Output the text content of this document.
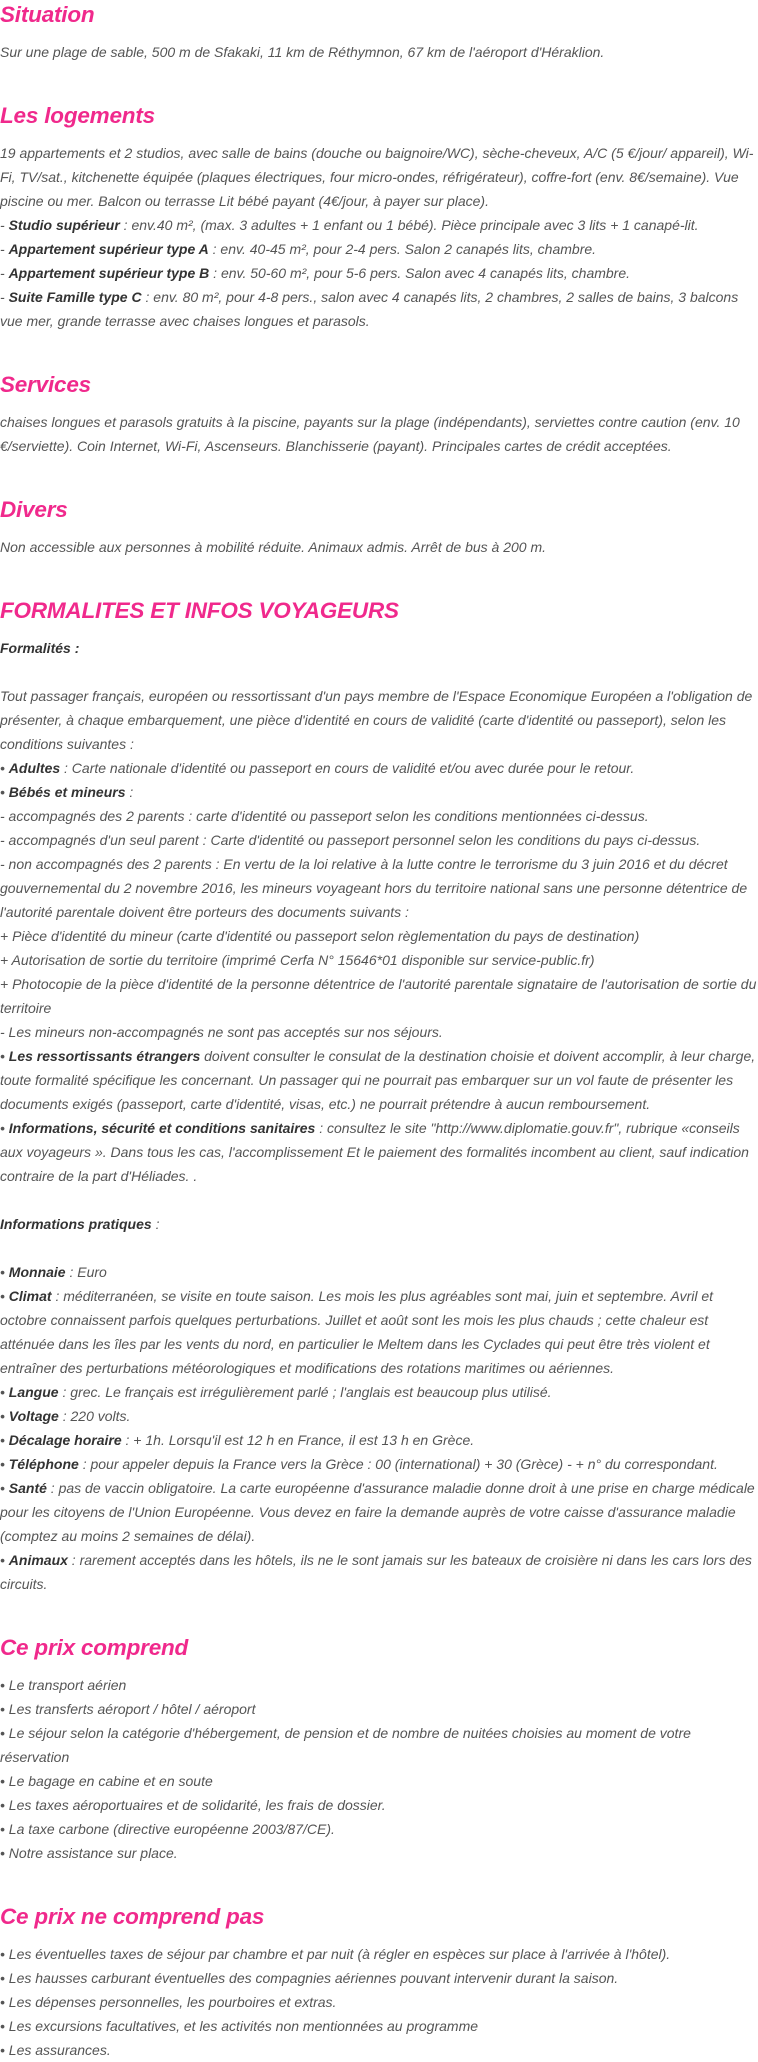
Situation

Sur une plage de sable, 500 m de Sfakaki, 11 km de Réthymnon, 67 km de l'aéroport d'Héraklion.

Les logements

19 appartements et 2 studios, avec salle de bains (douche ou baignoire/WC), sèche-cheveux, A/C (5 €/jour/ appareil), Wi-Fi, TV/sat., kitchenette équipée (plaques électriques, four micro-ondes, réfrigérateur), coffre-fort (env. 8€/semaine). Vue piscine ou mer. Balcon ou terrasse Lit bébé payant (4€/jour, à payer sur place).

- Studio supérieur : env.40 m², (max. 3 adultes + 1 enfant ou 1 bébé). Pièce principale avec 3 lits + 1 canapé-lit.

- Appartement supérieur type A : env. 40-45 m², pour 2-4 pers. Salon 2 canapés lits, chambre.

- Appartement supérieur type B : env. 50-60 m², pour 5-6 pers. Salon avec 4 canapés lits, chambre.

- Suite Famille type C : env. 80 m², pour 4-8 pers., salon avec 4 canapés lits, 2 chambres, 2 salles de bains, 3 balcons vue mer, grande terrasse avec chaises longues et parasols.

Services

chaises longues et parasols gratuits à la piscine, payants sur la plage (indépendants), serviettes contre caution (env. 10 €/serviette). Coin Internet, Wi-Fi, Ascenseurs. Blanchisserie (payant). Principales cartes de crédit acceptées.

Divers

Non accessible aux personnes à mobilité réduite. Animaux admis. Arrêt de bus à 200 m.

FORMALITES ET INFOS VOYAGEURS

Formalités :

Tout passager français, européen ou ressortissant d'un pays membre de l'Espace Economique Européen a l'obligation de présenter, à chaque embarquement, une pièce d'identité en cours de validité (carte d'identité ou passeport), selon les conditions suivantes :

• Adultes : Carte nationale d'identité ou passeport en cours de validité et/ou avec durée pour le retour.

• Bébés et mineurs :

- accompagnés des 2 parents : carte d'identité ou passeport selon les conditions mentionnées ci-dessus.

- accompagnés d'un seul parent : Carte d'identité ou passeport personnel selon les conditions du pays ci-dessus.

- non accompagnés des 2 parents : En vertu de la loi relative à la lutte contre le terrorisme du 3 juin 2016 et du décret gouvernemental du 2 novembre 2016, les mineurs voyageant hors du territoire national sans une personne détentrice de l'autorité parentale doivent être porteurs des documents suivants :

+ Pièce d'identité du mineur (carte d'identité ou passeport selon règlementation du pays de destination)

+ Autorisation de sortie du territoire (imprimé Cerfa N° 15646*01 disponible sur service-public.fr)

+ Photocopie de la pièce d'identité de la personne détentrice de l'autorité parentale signataire de l'autorisation de sortie du territoire

- Les mineurs non-accompagnés ne sont pas acceptés sur nos séjours.

• Les ressortissants étrangers doivent consulter le consulat de la destination choisie et doivent accomplir, à leur charge, toute formalité spécifique les concernant. Un passager qui ne pourrait pas embarquer sur un vol faute de présenter les documents exigés (passeport, carte d'identité, visas, etc.) ne pourrait prétendre à aucun remboursement.

• Informations, sécurité et conditions sanitaires : consultez le site "http://www.diplomatie.gouv.fr", rubrique «conseils aux voyageurs ». Dans tous les cas, l'accomplissement Et le paiement des formalités incombent au client, sauf indication contraire de la part d'Héliades. .

Informations pratiques :

• Monnaie : Euro

• Climat : méditerranéen, se visite en toute saison. Les mois les plus agréables sont mai, juin et septembre. Avril et octobre connaissent parfois quelques perturbations. Juillet et août sont les mois les plus chauds ; cette chaleur est atténuée dans les îles par les vents du nord, en particulier le Meltem dans les Cyclades qui peut être très violent et entraîner des perturbations météorologiques et modifications des rotations maritimes ou aériennes.

• Langue : grec. Le français est irrégulièrement parlé ; l'anglais est beaucoup plus utilisé.

• Voltage : 220 volts.

• Décalage horaire : + 1h. Lorsqu'il est 12 h en France, il est 13 h en Grèce.

• Téléphone : pour appeler depuis la France vers la Grèce : 00 (international) + 30 (Grèce) - + n° du correspondant.

• Santé : pas de vaccin obligatoire. La carte européenne d'assurance maladie donne droit à une prise en charge médicale pour les citoyens de l'Union Européenne. Vous devez en faire la demande auprès de votre caisse d'assurance maladie (comptez au moins 2 semaines de délai).

• Animaux : rarement acceptés dans les hôtels, ils ne le sont jamais sur les bateaux de croisière ni dans les cars lors des circuits.

Ce prix comprend

• Le transport aérien

• Les transferts aéroport / hôtel / aéroport

• Le séjour selon la catégorie d'hébergement, de pension et de nombre de nuitées choisies au moment de votre réservation

• Le bagage en cabine et en soute

• Les taxes aéroportuaires et de solidarité, les frais de dossier.

• La taxe carbone (directive européenne 2003/87/CE).

• Notre assistance sur place.

Ce prix ne comprend pas

• Les éventuelles taxes de séjour par chambre et par nuit (à régler en espèces sur place à l'arrivée à l'hôtel).

• Les hausses carburant éventuelles des compagnies aériennes pouvant intervenir durant la saison.

• Les dépenses personnelles, les pourboires et extras.

• Les excursions facultatives, et les activités non mentionnées au programme

• Les assurances.
